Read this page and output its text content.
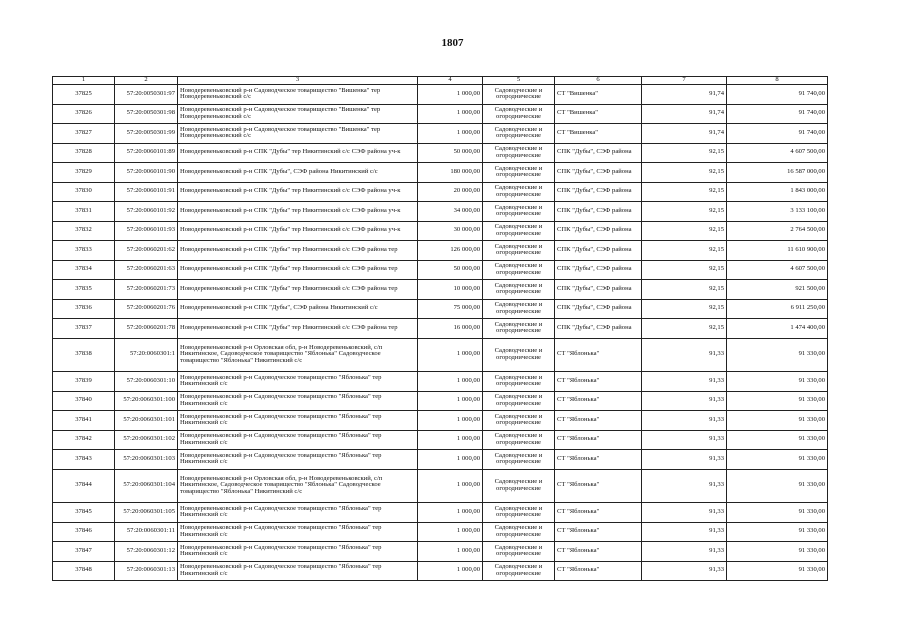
1807
1	2	3	4	5	6	7	8
37825	57:20:0050301:97	Новодеревеньковский р-н Садоводческое товарищество "Вишенка" тер Новодеревеньковский с/с	1 000,00	Садоводческие и огороднические	СТ "Вишенка"	91,74	91 740,00
37826	57:20:0050301:98	Новодеревеньковский р-н Садоводческое товарищество "Вишенка" тер Новодеревеньковский с/с	1 000,00	Садоводческие и огороднические	СТ "Вишенка"	91,74	91 740,00
37827	57:20:0050301:99	Новодеревеньковский р-н Садоводческое товарищество "Вишенка" тер Новодеревеньковский с/с	1 000,00	Садоводческие и огороднические	СТ "Вишенка"	91,74	91 740,00
37828	57:20:0060101:89	Новодеревеньковский р-н СПК "Дубы" тер Никитинский с/с СЭФ района уч-к	50 000,00	Садоводческие и огороднические	СПК "Дубы", СЭФ района	92,15	4 607 500,00
37829	57:20:0060101:90	Новодеревеньковский р-н СПК "Дубы", СЭФ района Никитинский с/с	180 000,00	Садоводческие и огороднические	СПК "Дубы", СЭФ района	92,15	16 587 000,00
37830	57:20:0060101:91	Новодеревеньковский р-н СПК "Дубы" тер Никитинский с/с СЭФ района уч-к	20 000,00	Садоводческие и огороднические	СПК "Дубы", СЭФ района	92,15	1 843 000,00
37831	57:20:0060101:92	Новодеревеньковский р-н СПК "Дубы" тер Никитинский с/с СЭФ района уч-к	34 000,00	Садоводческие и огороднические	СПК "Дубы", СЭФ района	92,15	3 133 100,00
37832	57:20:0060101:93	Новодеревеньковский р-н СПК "Дубы" тер Никитинский с/с СЭФ района уч-к	30 000,00	Садоводческие и огороднические	СПК "Дубы", СЭФ района	92,15	2 764 500,00
37833	57:20:0060201:62	Новодеревеньковский р-н СПК "Дубы" тер Никитинский с/с СЭФ района тер	126 000,00	Садоводческие и огороднические	СПК "Дубы", СЭФ района	92,15	11 610 900,00
37834	57:20:0060201:63	Новодеревеньковский р-н СПК "Дубы" тер Никитинский с/с СЭФ района тер	50 000,00	Садоводческие и огороднические	СПК "Дубы", СЭФ района	92,15	4 607 500,00
37835	57:20:0060201:73	Новодеревеньковский р-н СПК "Дубы" тер Никитинский с/с СЭФ района тер	10 000,00	Садоводческие и огороднические	СПК "Дубы", СЭФ района	92,15	921 500,00
37836	57:20:0060201:76	Новодеревеньковский р-н СПК "Дубы", СЭФ района Никитинский с/с	75 000,00	Садоводческие и огороднические	СПК "Дубы", СЭФ района	92,15	6 911 250,00
37837	57:20:0060201:78	Новодеревеньковский р-н СПК "Дубы" тер Никитинский с/с СЭФ района тер	16 000,00	Садоводческие и огороднические	СПК "Дубы", СЭФ района	92,15	1 474 400,00
37838	57:20:0060301:1	Новодеревеньковский р-н Орловская обл, р-н Новодеревеньковский, с/п Никитинское, Садоводческое товарищество "Яблонька" Садоводческое товарищество "Яблонька" Никитинский с/с	1 000,00	Садоводческие и огороднические	СТ "Яблонька"	91,33	91 330,00
37839	57:20:0060301:10	Новодеревеньковский р-н Садоводческое товарищество "Яблонька" тер Никитинский с/с	1 000,00	Садоводческие и огороднические	СТ "Яблонька"	91,33	91 330,00
37840	57:20:0060301:100	Новодеревеньковский р-н Садоводческое товарищество "Яблонька" тер Никитинский с/с	1 000,00	Садоводческие и огороднические	СТ "Яблонька"	91,33	91 330,00
37841	57:20:0060301:101	Новодеревеньковский р-н Садоводческое товарищество "Яблонька" тер Никитинский с/с	1 000,00	Садоводческие и огороднические	СТ "Яблонька"	91,33	91 330,00
37842	57:20:0060301:102	Новодеревеньковский р-н Садоводческое товарищество "Яблонька" тер Никитинский с/с	1 000,00	Садоводческие и огороднические	СТ "Яблонька"	91,33	91 330,00
37843	57:20:0060301:103	Новодеревеньковский р-н Садоводческое товарищество "Яблонька" тер Никитинский с/с	1 000,00	Садоводческие и огороднические	СТ "Яблонька"	91,33	91 330,00
37844	57:20:0060301:104	Новодеревеньковский р-н Орловская обл, р-н Новодеревеньковский, с/п Никитинское, Садоводческое товарищество "Яблонька" Садоводческое товарищество "Яблонька" Никитинский с/с	1 000,00	Садоводческие и огороднические	СТ "Яблонька"	91,33	91 330,00
37845	57:20:0060301:105	Новодеревеньковский р-н Садоводческое товарищество "Яблонька" тер Никитинский с/с	1 000,00	Садоводческие и огороднические	СТ "Яблонька"	91,33	91 330,00
37846	57:20:0060301:11	Новодеревеньковский р-н Садоводческое товарищество "Яблонька" тер Никитинский с/с	1 000,00	Садоводческие и огороднические	СТ "Яблонька"	91,33	91 330,00
37847	57:20:0060301:12	Новодеревеньковский р-н Садоводческое товарищество "Яблонька" тер Никитинский с/с	1 000,00	Садоводческие и огороднические	СТ "Яблонька"	91,33	91 330,00
37848	57:20:0060301:13	Новодеревеньковский р-н Садоводческое товарищество "Яблонька" тер Никитинский с/с	1 000,00	Садоводческие и огороднические	СТ "Яблонька"	91,33	91 330,00
